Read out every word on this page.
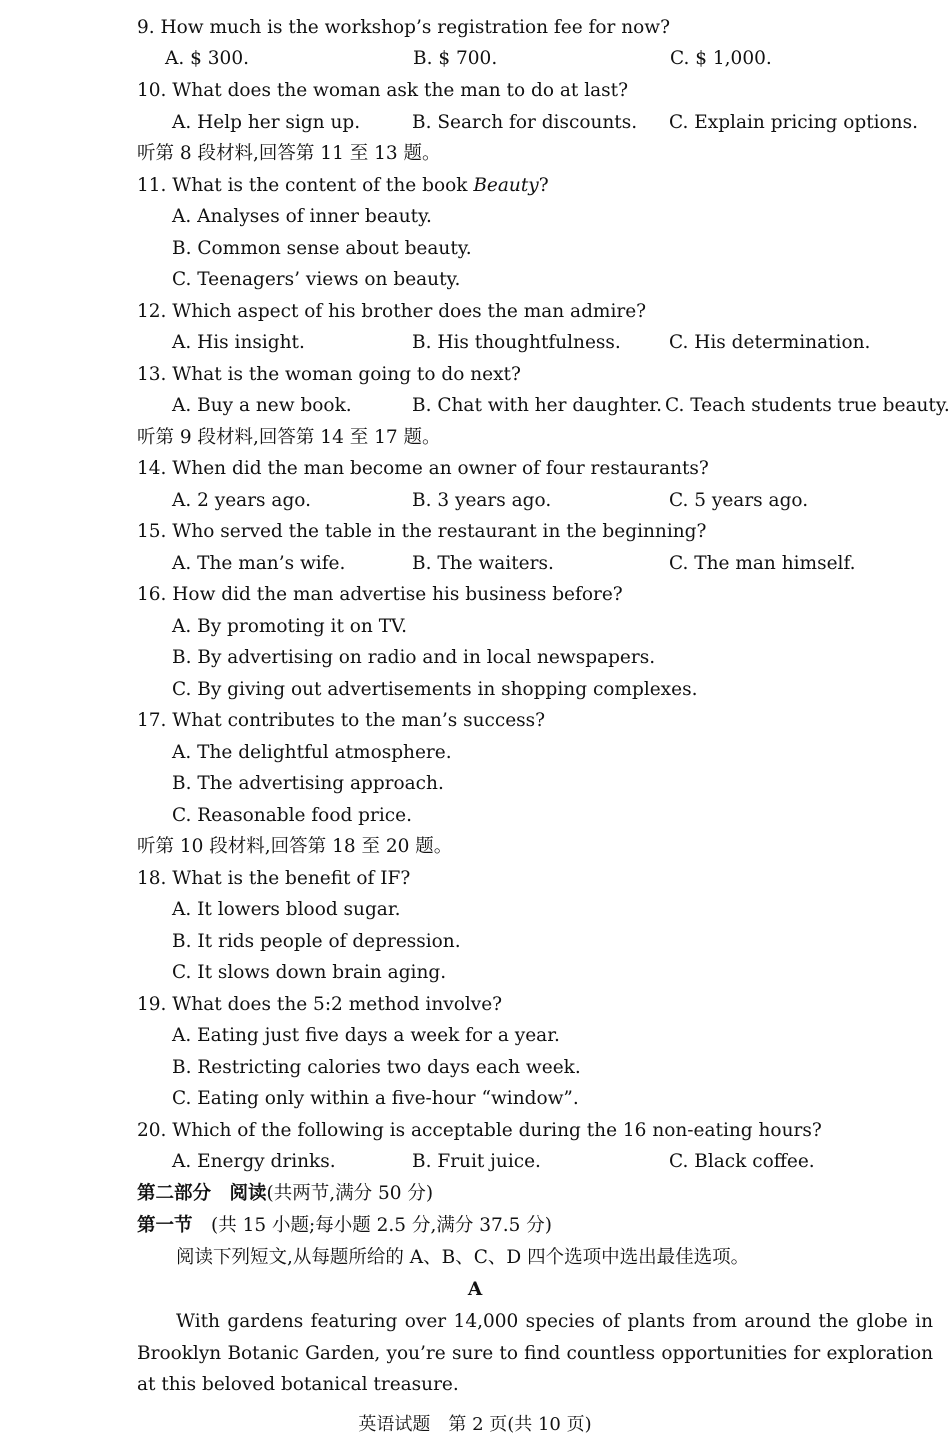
9. How much is the workshop’s registration fee for now?
A. $ 300.	B. $ 700.	C. $ 1,000.
10. What does the woman ask the man to do at last?
A. Help her sign up.	B. Search for discounts. C. Explain pricing options.
听第 8 段材料,回答第 11 至 13 题。
11. What is the content of the book Beauty?
A. Analyses of inner beauty.
B. Common sense about beauty.
C. Teenagers’ views on beauty.
12. Which aspect of his brother does the man admire?
A. His insight.	B. His thoughtfulness.	C. His determination.
13. What is the woman going to do next?
A. Buy a new book.	B. Chat with her daughter. C. Teach students true beauty.
听第 9 段材料,回答第 14 至 17 题。
14. When did the man become an owner of four restaurants?
A. 2 years ago.	B. 3 years ago.	C. 5 years ago.
15. Who served the table in the restaurant in the beginning?
A. The man’s wife.	B. The waiters.	C. The man himself.
16. How did the man advertise his business before?
A. By promoting it on TV.
B. By advertising on radio and in local newspapers.
C. By giving out advertisements in shopping complexes.
17. What contributes to the man’s success?
A. The delightful atmosphere.
B. The advertising approach.
C. Reasonable food price.
听第 10 段材料,回答第 18 至 20 题。
18. What is the benefit of IF?
A. It lowers blood sugar.
B. It rids people of depression.
C. It slows down brain aging.
19. What does the 5:2 method involve?
A. Eating just five days a week for a year.
B. Restricting calories two days each week.
C. Eating only within a five-hour “window”.
20. Which of the following is acceptable during the 16 non-eating hours?
A. Energy drinks.	B. Fruit juice.	C. Black coffee.
第二部分　阅读(共两节,满分 50 分)
第一节　(共 15 小题;每小题 2.5 分,满分 37.5 分)
阅读下列短文,从每题所给的 A、B、C、D 四个选项中选出最佳选项。
A
With gardens featuring over 14,000 species of plants from around the globe in Brooklyn Botanic Garden, you’re sure to find countless opportunities for exploration at this beloved botanical treasure.
英语试题　第 2 页(共 10 页)
